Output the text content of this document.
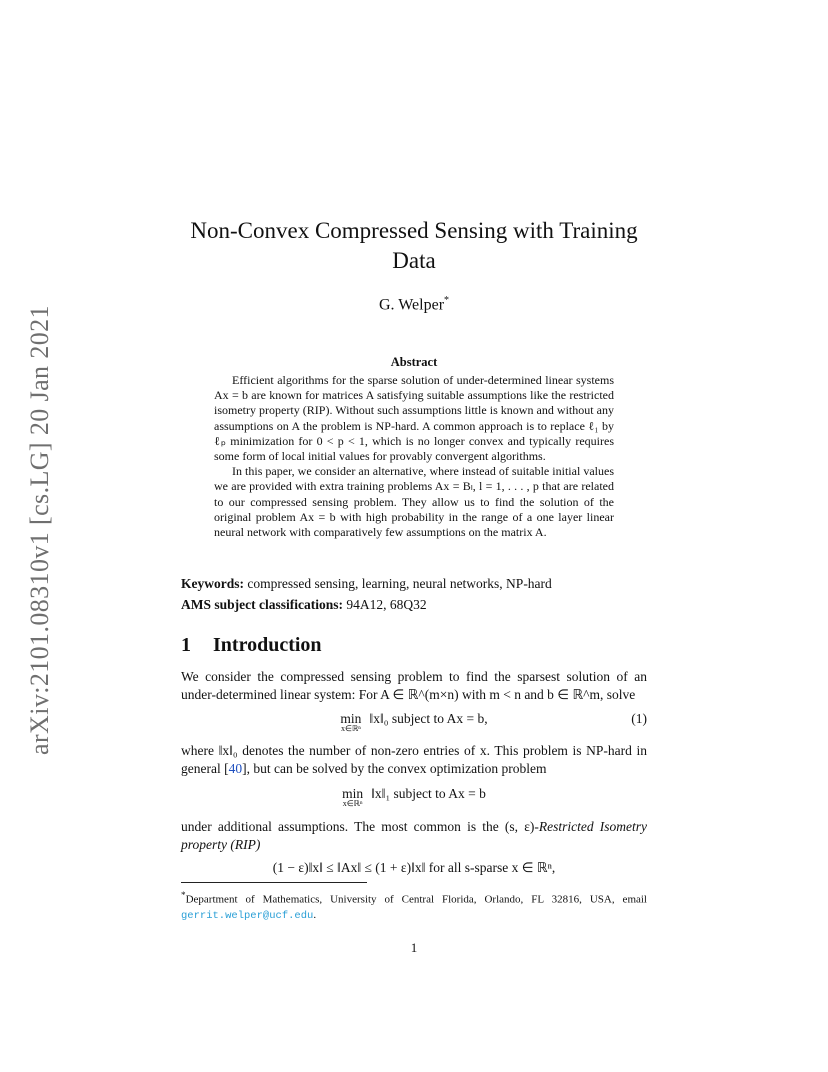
arXiv:2101.08310v1 [cs.LG] 20 Jan 2021
Non-Convex Compressed Sensing with Training
Data
G. Welper*
Abstract

Efficient algorithms for the sparse solution of under-determined linear systems Ax = b are known for matrices A satisfying suitable assumptions like the restricted isometry property (RIP). Without such assumptions little is known and without any assumptions on A the problem is NP-hard. A common approach is to replace ℓ₁ by ℓₚ minimization for 0 < p < 1, which is no longer convex and typically requires some form of local initial values for provably convergent algorithms.

In this paper, we consider an alternative, where instead of suitable initial values we are provided with extra training problems Ax = Bₗ, l = 1, . . . , p that are related to our compressed sensing problem. They allow us to find the solution of the original problem Ax = b with high probability in the range of a one layer linear neural network with comparatively few assumptions on the matrix A.

Keywords: compressed sensing, learning, neural networks, NP-hard
AMS subject classifications: 94A12, 68Q32
1 Introduction
We consider the compressed sensing problem to find the sparsest solution of an under-determined linear system: For A ∈ ℝ^(m×n) with m < n and b ∈ ℝ^m, solve
min
x∈ℝⁿ
‖x‖₀ subject to Ax = b,	(1)
where ‖x‖₀ denotes the number of non-zero entries of x. This problem is NP-hard in general [40], but can be solved by the convex optimization problem
min
x∈ℝⁿ
‖x‖₁ subject to Ax = b
under additional assumptions. The most common is the (s, ε)-Restricted Isometry property (RIP)
(1 − ε)‖x‖ ≤ ‖Ax‖ ≤ (1 + ε)‖x‖ for all s-sparse x ∈ ℝⁿ,
*Department of Mathematics, University of Central Florida, Orlando, FL 32816, USA, email gerrit.welper@ucf.edu.
1
